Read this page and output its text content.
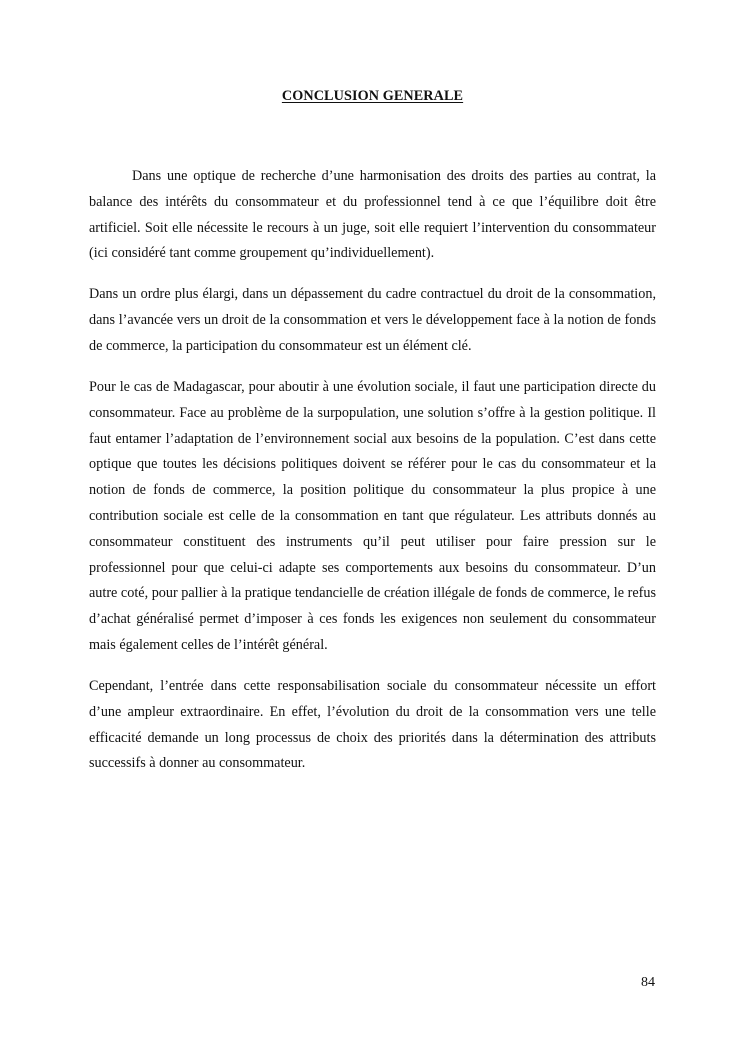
CONCLUSION GENERALE

Dans une optique de recherche d’une harmonisation des droits des parties au contrat, la balance des intérêts du consommateur et du professionnel tend à ce que l’équilibre doit être artificiel. Soit elle nécessite le recours à un juge, soit elle requiert l’intervention du consommateur (ici considéré tant comme groupement qu’individuellement).

Dans un ordre plus élargi, dans un dépassement du cadre contractuel du droit de la consommation, dans l’avancée vers un droit de la consommation et vers le développement face à la notion de fonds de commerce, la participation du consommateur est un élément clé.

Pour le cas de Madagascar, pour aboutir à une évolution sociale, il faut une participation directe du consommateur. Face au problème de la surpopulation, une solution s’offre à la gestion politique. Il faut entamer l’adaptation de l’environnement social aux besoins de la population. C’est dans cette optique que toutes les décisions politiques doivent se référer pour le cas du consommateur et la notion de fonds de commerce, la position politique du consommateur la plus propice à une contribution sociale est celle de la consommation en tant que régulateur. Les attributs donnés au consommateur constituent des instruments qu’il peut utiliser pour faire pression sur le professionnel pour que celui-ci adapte ses comportements aux besoins du consommateur. D’un autre coté, pour pallier à la pratique tendancielle de création illégale de fonds de commerce, le refus d’achat généralisé permet d’imposer à ces fonds les exigences non seulement du consommateur mais également celles de l’intérêt général.

Cependant, l’entrée dans cette responsabilisation sociale du consommateur nécessite un effort d’une ampleur extraordinaire. En effet, l’évolution du droit de la consommation vers une telle efficacité demande un long processus de choix des priorités dans la détermination des attributs successifs à donner au consommateur.

84
